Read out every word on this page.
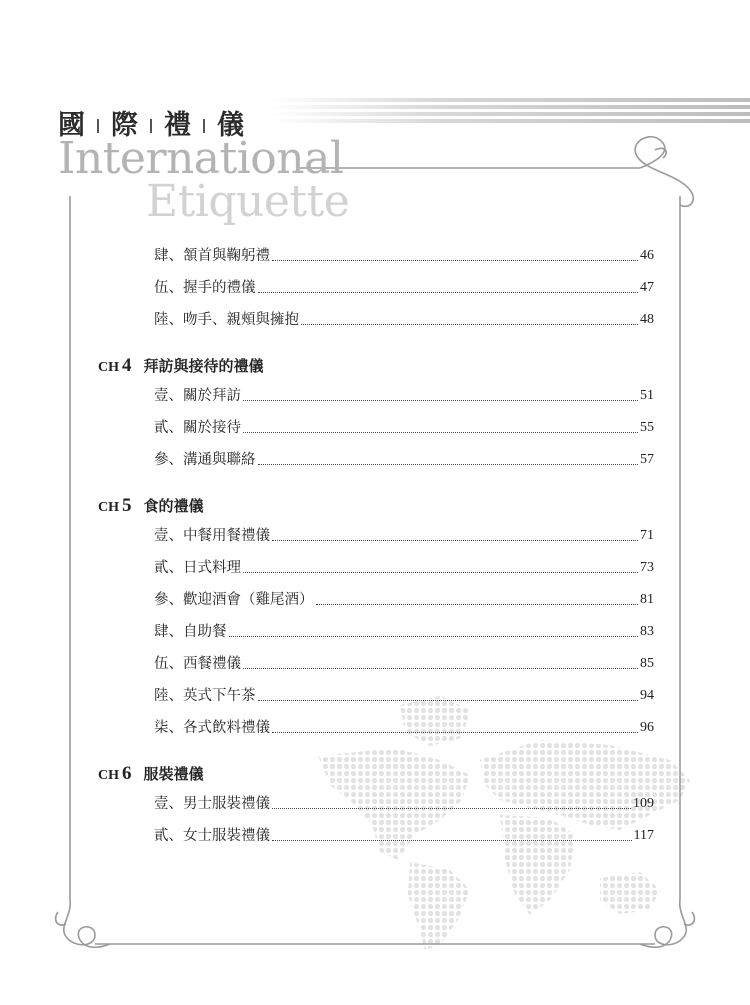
國 際 禮 儀
International
Etiquette
肆、頷首與鞠躬禮	46
伍、握手的禮儀	47
陸、吻手、親頰與擁抱	48
CH 4 拜訪與接待的禮儀
壹、關於拜訪	51
貳、關於接待	55
參、溝通與聯絡	57
CH 5 食的禮儀
壹、中餐用餐禮儀	71
貳、日式料理	73
參、歡迎酒會（雞尾酒）	81
肆、自助餐	83
伍、西餐禮儀	85
陸、英式下午茶	94
柒、各式飲料禮儀	96
CH 6 服裝禮儀
壹、男士服裝禮儀	109
貳、女士服裝禮儀	117
